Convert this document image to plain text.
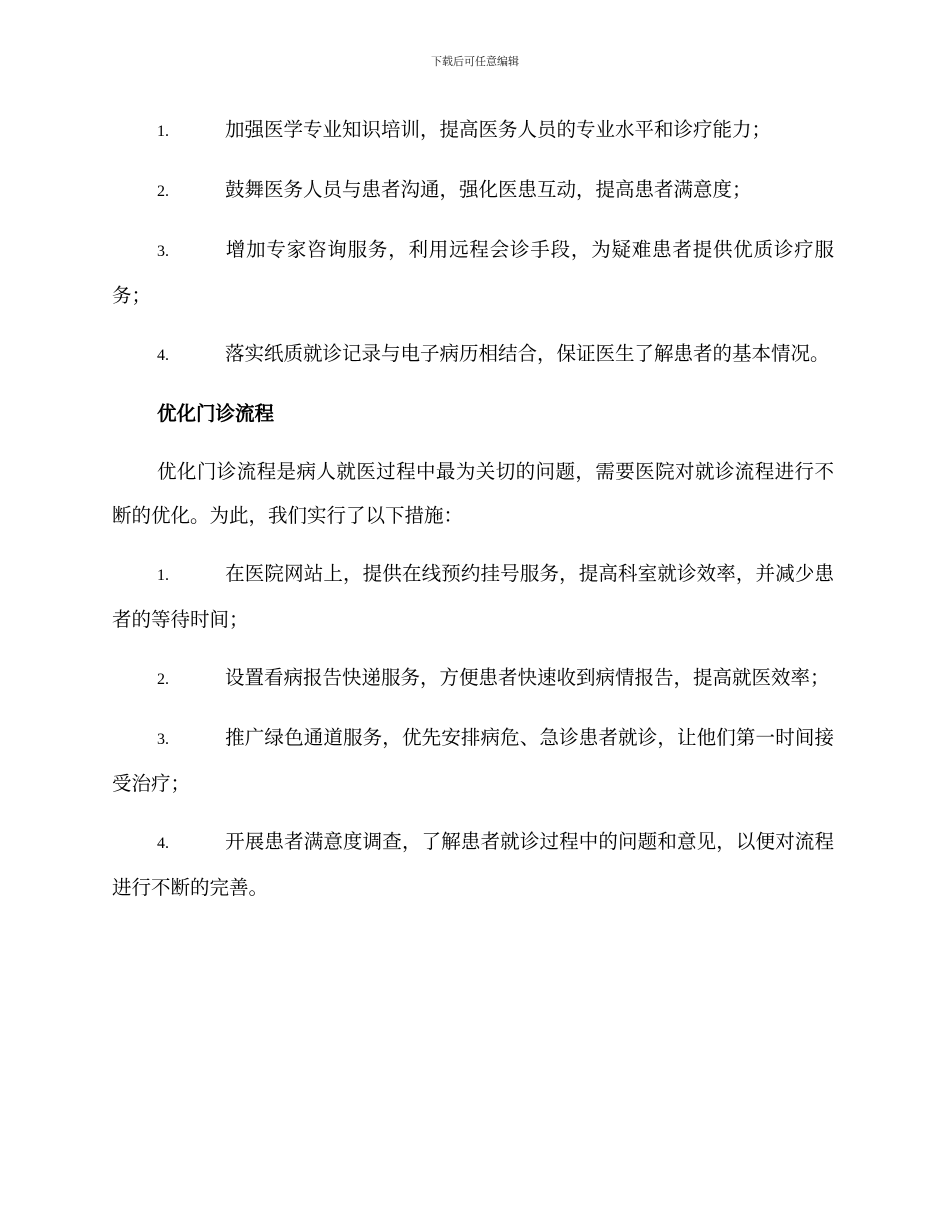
下载后可任意编辑
1.	加强医学专业知识培训，提高医务人员的专业水平和诊疗能力；
2.	鼓舞医务人员与患者沟通，强化医患互动，提高患者满意度；
3.	增加专家咨询服务，利用远程会诊手段，为疑难患者提供优质诊疗服务；
4.	落实纸质就诊记录与电子病历相结合，保证医生了解患者的基本情况。
优化门诊流程
优化门诊流程是病人就医过程中最为关切的问题，需要医院对就诊流程进行不断的优化。为此，我们实行了以下措施：
1.	在医院网站上，提供在线预约挂号服务，提高科室就诊效率，并减少患者的等待时间；
2.	设置看病报告快递服务，方便患者快速收到病情报告，提高就医效率；
3.	推广绿色通道服务，优先安排病危、急诊患者就诊，让他们第一时间接受治疗；
4.	开展患者满意度调查，了解患者就诊过程中的问题和意见，以便对流程进行不断的完善。
